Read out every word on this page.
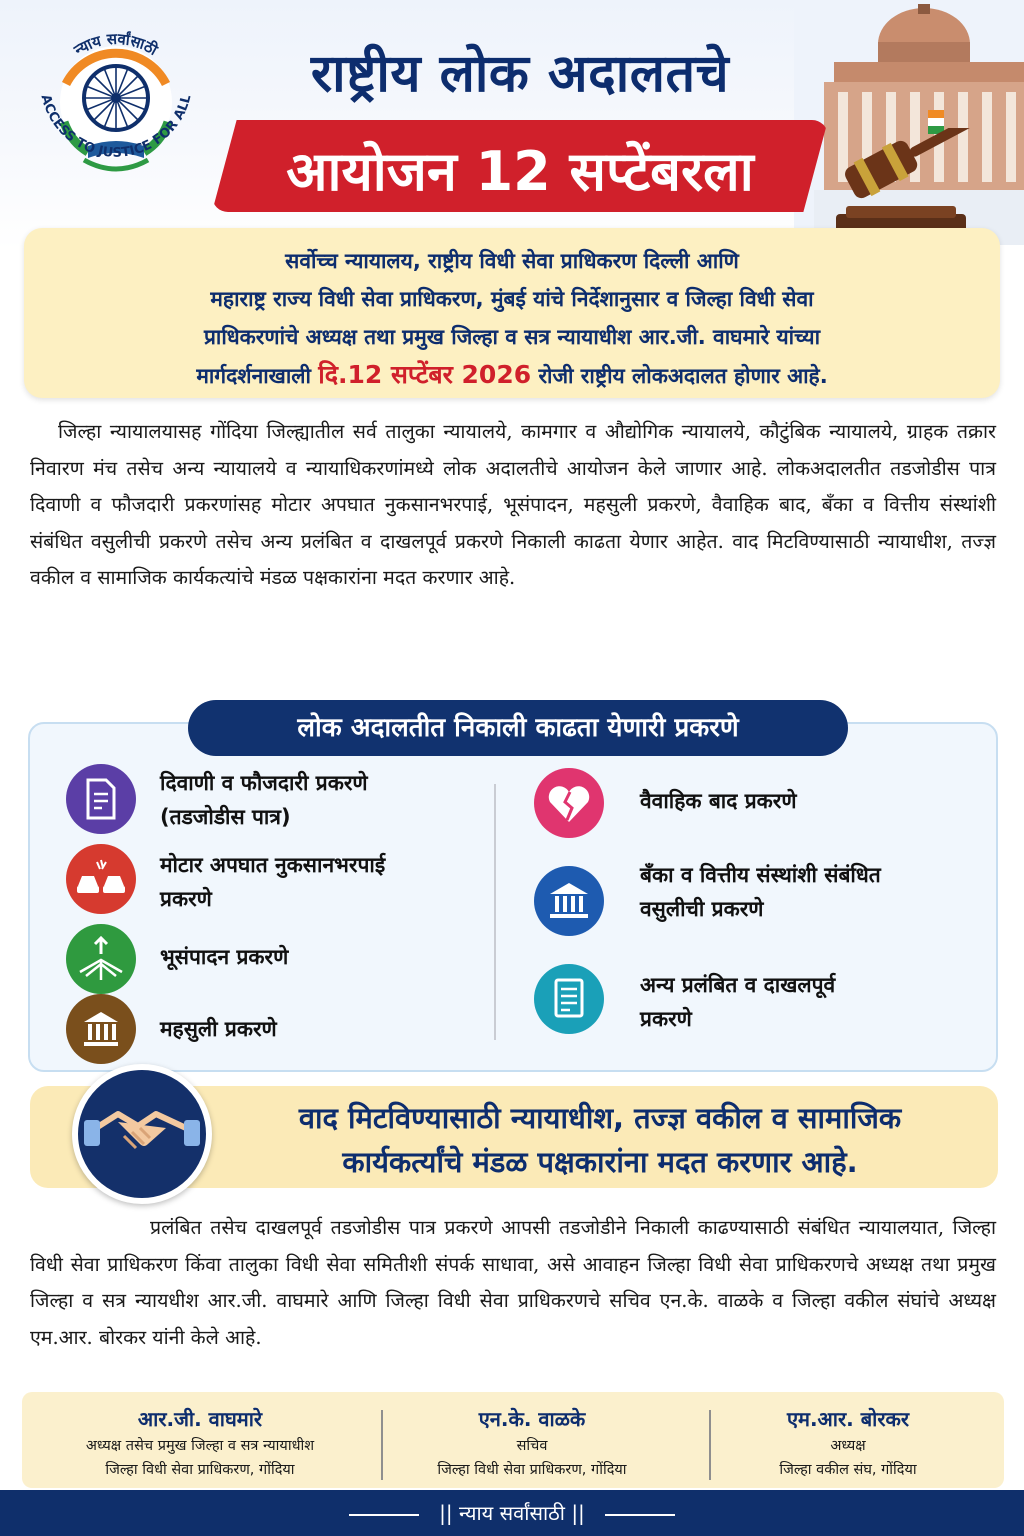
न्याय सर्वांसाठी
ACCESS TO JUSTICE FOR ALL	राष्ट्रीय लोक अदालतचे
आयोजन 12 सप्टेंबरला
सर्वोच्च न्यायालय, राष्ट्रीय विधी सेवा प्राधिकरण दिल्ली आणि
महाराष्ट्र राज्य विधी सेवा प्राधिकरण, मुंबई यांचे निर्देशानुसार व जिल्हा विधी सेवा
प्राधिकरणांचे अध्यक्ष तथा प्रमुख जिल्हा व सत्र न्यायाधीश आर.जी. वाघमारे यांच्या
मार्गदर्शनाखाली दि.12 सप्टेंबर 2026 रोजी राष्ट्रीय लोकअदालत होणार आहे.
जिल्हा न्यायालयासह गोंदिया जिल्ह्यातील सर्व तालुका न्यायालये, कामगार व औद्योगिक न्यायालये, कौटुंबिक न्यायालये, ग्राहक तक्रार निवारण मंच तसेच अन्य न्यायालये व न्यायाधिकरणांमध्ये लोक अदालतीचे आयोजन केले जाणार आहे. लोकअदालतीत तडजोडीस पात्र दिवाणी व फौजदारी प्रकरणांसह मोटार अपघात नुकसानभरपाई, भूसंपादन, महसुली प्रकरणे, वैवाहिक बाद, बँका व वित्तीय संस्थांशी संबंधित वसुलीची प्रकरणे तसेच अन्य प्रलंबित व दाखलपूर्व प्रकरणे निकाली काढता येणार आहेत. वाद मिटविण्यासाठी न्यायाधीश, तज्ज्ञ वकील व सामाजिक कार्यकत्यांचे मंडळ पक्षकारांना मदत करणार आहे.
लोक अदालतीत निकाली काढता येणारी प्रकरणे
दिवाणी व फौजदारी प्रकरणे
(तडजोडीस पात्र)
मोटार अपघात नुकसानभरपाई
प्रकरणे
भूसंपादन प्रकरणे
महसुली प्रकरणे
वैवाहिक बाद प्रकरणे
बँका व वित्तीय संस्थांशी संबंधित
वसुलीची प्रकरणे
अन्य प्रलंबित व दाखलपूर्व
प्रकरणे
वाद मिटविण्यासाठी न्यायाधीश, तज्ज्ञ वकील व सामाजिक
कार्यकर्त्यांचे मंडळ पक्षकारांना मदत करणार आहे.
प्रलंबित तसेच दाखलपूर्व तडजोडीस पात्र प्रकरणे आपसी तडजोडीने निकाली काढण्यासाठी संबंधित न्यायालयात, जिल्हा विधी सेवा प्राधिकरण किंवा तालुका विधी सेवा समितीशी संपर्क साधावा, असे आवाहन जिल्हा विधी सेवा प्राधिकरणचे अध्यक्ष तथा प्रमुख जिल्हा व सत्र न्यायधीश आर.जी. वाघमारे आणि जिल्हा विधी सेवा प्राधिकरणचे सचिव एन.के. वाळके व जिल्हा वकील संघांचे अध्यक्ष एम.आर. बोरकर यांनी केले आहे.
आर.जी. वाघमारे
अध्यक्ष तसेच प्रमुख जिल्हा व सत्र न्यायाधीश
जिल्हा विधी सेवा प्राधिकरण, गोंदिया
एन.के. वाळके
सचिव
जिल्हा विधी सेवा प्राधिकरण, गोंदिया
एम.आर. बोरकर
अध्यक्ष
जिल्हा वकील संघ, गोंदिया
|| न्याय सर्वांसाठी ||
